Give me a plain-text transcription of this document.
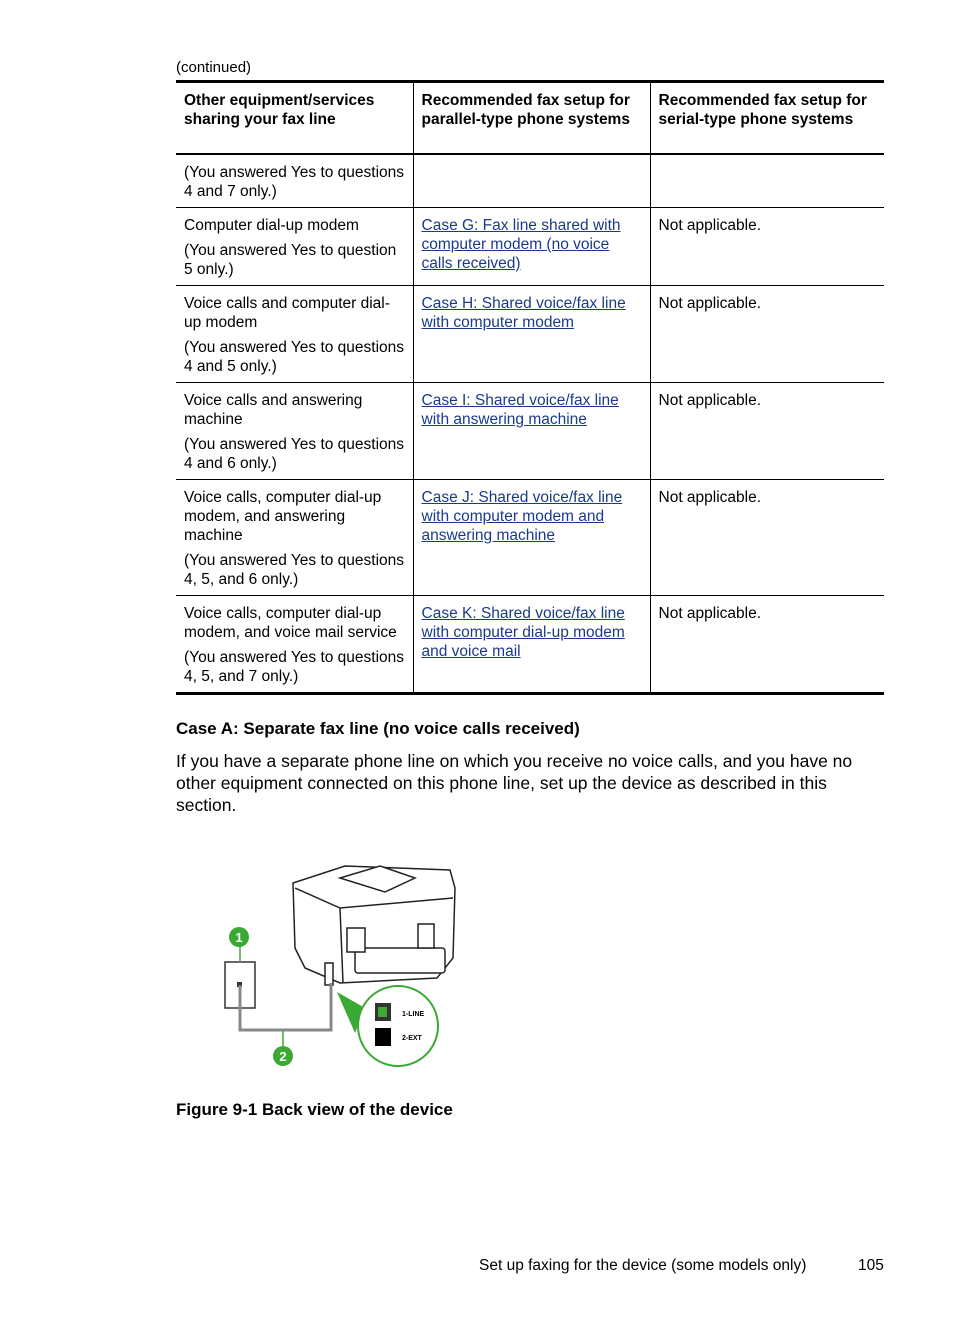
(continued)
Other equipment/services sharing your fax line	Recommended fax setup for parallel-type phone systems	Recommended fax setup for serial-type phone systems

(You answered Yes to questions 4 and 7 only.)		

Computer dial-up modem

(You answered Yes to question 5 only.)	Case G: Fax line shared with computer modem (no voice calls received)	Not applicable.

Voice calls and computer dial-up modem

(You answered Yes to questions 4 and 5 only.)	Case H: Shared voice/fax line with computer modem	Not applicable.

Voice calls and answering machine

(You answered Yes to questions 4 and 6 only.)	Case I: Shared voice/fax line with answering machine	Not applicable.

Voice calls, computer dial-up modem, and answering machine

(You answered Yes to questions 4, 5, and 6 only.)	Case J: Shared voice/fax line with computer modem and answering machine	Not applicable.

Voice calls, computer dial-up modem, and voice mail service

(You answered Yes to questions 4, 5, and 7 only.)	Case K: Shared voice/fax line with computer dial-up modem and voice mail	Not applicable.
Case A: Separate fax line (no voice calls received)
If you have a separate phone line on which you receive no voice calls, and you have no other equipment connected on this phone line, set up the device as described in this section.
1-LINE
2-EXT
1
2
Figure 9-1 Back view of the device
Set up faxing for the device (some models only)	105
